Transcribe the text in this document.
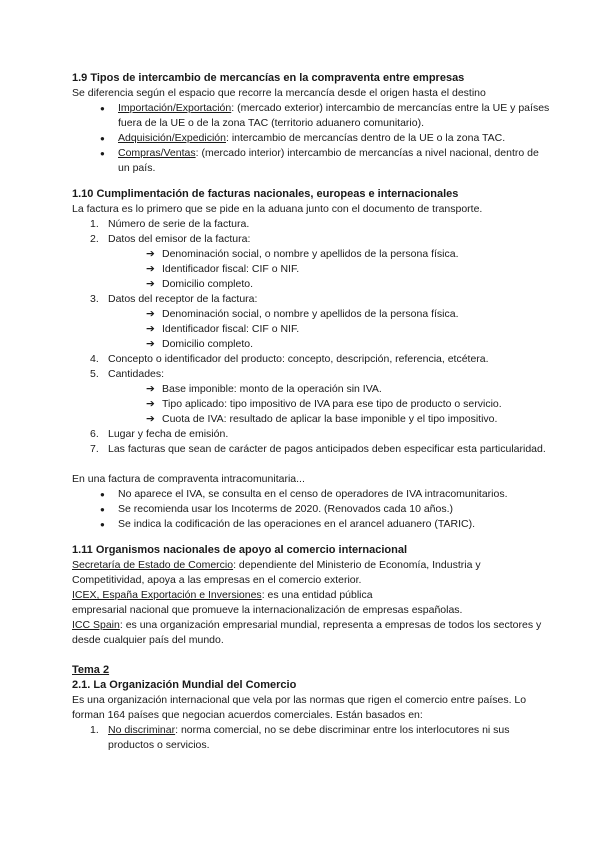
1.9 Tipos de intercambio de mercancías en la compraventa entre empresas

Se diferencia según el espacio que recorre la mercancía desde el origen hasta el destino

● Importación/Exportación: (mercado exterior) intercambio de mercancías entre la UE y países fuera de la UE o de la zona TAC (territorio aduanero comunitario).
● Adquisición/Expedición: intercambio de mercancías dentro de la UE o la zona TAC.
● Compras/Ventas: (mercado interior) intercambio de mercancías a nivel nacional, dentro de un país.

1.10 Cumplimentación de facturas nacionales, europeas e internacionales

La factura es lo primero que se pide en la aduana junto con el documento de transporte.

1. Número de serie de la factura.
2. Datos del emisor de la factura:
➔ Denominación social, o nombre y apellidos de la persona física.
➔ Identificador fiscal: CIF o NIF.
➔ Domicilio completo.
3. Datos del receptor de la factura:
➔ Denominación social, o nombre y apellidos de la persona física.
➔ Identificador fiscal: CIF o NIF.
➔ Domicilio completo.
4. Concepto o identificador del producto: concepto, descripción, referencia, etcétera.
5. Cantidades:
➔ Base imponible: monto de la operación sin IVA.
➔ Tipo aplicado: tipo impositivo de IVA para ese tipo de producto o servicio.
➔ Cuota de IVA: resultado de aplicar la base imponible y el tipo impositivo.
6. Lugar y fecha de emisión.
7. Las facturas que sean de carácter de pagos anticipados deben especificar esta particularidad.

En una factura de compraventa intracomunitaria...

● No aparece el IVA, se consulta en el censo de operadores de IVA intracomunitarios.
● Se recomienda usar los Incoterms de 2020. (Renovados cada 10 años.)
● Se indica la codificación de las operaciones en el arancel aduanero (TARIC).

1.11 Organismos nacionales de apoyo al comercio internacional

Secretaría de Estado de Comercio: dependiente del Ministerio de Economía, Industria y Competitividad, apoya a las empresas en el comercio exterior.

ICEX, España Exportación e Inversiones: es una entidad pública

empresarial nacional que promueve la internacionalización de empresas españolas.

ICC Spain: es una organización empresarial mundial, representa a empresas de todos los sectores y desde cualquier país del mundo.

Tema 2

2.1. La Organización Mundial del Comercio

Es una organización internacional que vela por las normas que rigen el comercio entre países. Lo forman 164 países que negocian acuerdos comerciales. Están basados en:

1. No discriminar: norma comercial, no se debe discriminar entre los interlocutores ni sus productos o servicios.
